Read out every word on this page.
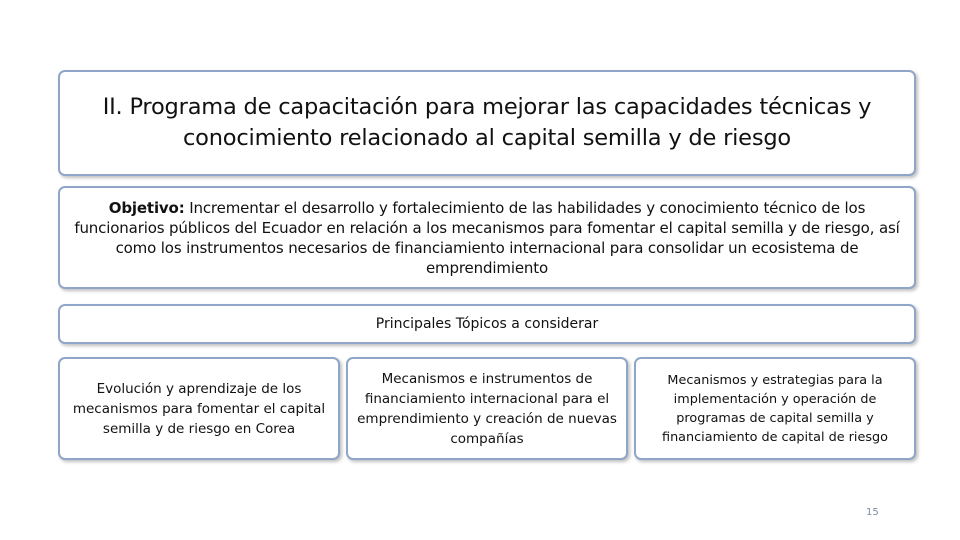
II. Programa de capacitación para mejorar las capacidades técnicas y conocimiento relacionado al capital semilla y de riesgo
Objetivo: Incrementar el desarrollo y fortalecimiento de las habilidades y conocimiento técnico de los funcionarios públicos del Ecuador en relación a los mecanismos para fomentar el capital semilla y de riesgo, así como los instrumentos necesarios de financiamiento internacional para consolidar un ecosistema de emprendimiento
Principales Tópicos a considerar
Evolución y aprendizaje de los mecanismos para fomentar el capital semilla y de riesgo en Corea
Mecanismos e instrumentos de financiamiento internacional para el emprendimiento y creación de nuevas compañías
Mecanismos y estrategias para la implementación y operación de programas de capital semilla y financiamiento de capital de riesgo
15
